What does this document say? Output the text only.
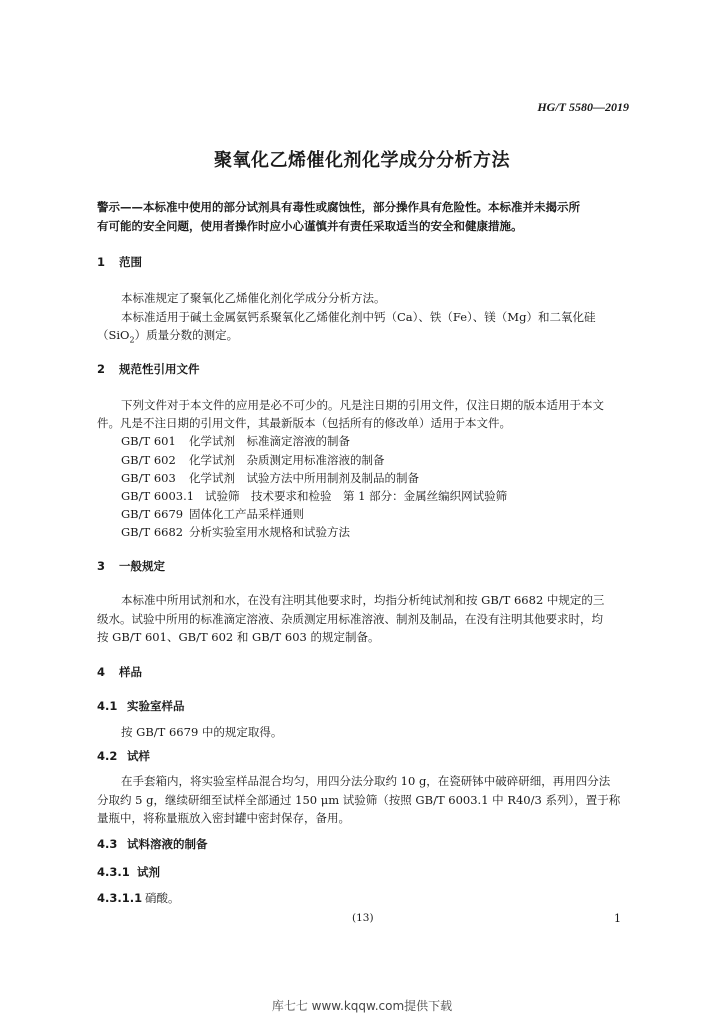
HG/T 5580—2019
聚氧化乙烯催化剂化学成分分析方法
警示——本标准中使用的部分试剂具有毒性或腐蚀性，部分操作具有危险性。本标准并未揭示所
有可能的安全问题，使用者操作时应小心谨慎并有责任采取适当的安全和健康措施。
1 范围
本标准规定了聚氧化乙烯催化剂化学成分分析方法。
本标准适用于碱土金属氨钙系聚氧化乙烯催化剂中钙（Ca）、铁（Fe）、镁（Mg）和二氧化硅
（SiO$_2$）质量分数的测定。
2 规范性引用文件
下列文件对于本文件的应用是必不可少的。凡是注日期的引用文件，仅注日期的版本适用于本文
件。凡是不注日期的引用文件，其最新版本（包括所有的修改单）适用于本文件。
GB/T 601 化学试剂　标准滴定溶液的制备
GB/T 602 化学试剂　杂质测定用标准溶液的制备
GB/T 603 化学试剂　试验方法中所用制剂及制品的制备
GB/T 6003.1 试验筛　技术要求和检验　第 1 部分：金属丝编织网试验筛
GB/T 6679 固体化工产品采样通则
GB/T 6682 分析实验室用水规格和试验方法
3 一般规定
本标准中所用试剂和水，在没有注明其他要求时，均指分析纯试剂和按 GB/T 6682 中规定的三
级水。试验中所用的标准滴定溶液、杂质测定用标准溶液、制剂及制品，在没有注明其他要求时，均
按 GB/T 601、GB/T 602 和 GB/T 603 的规定制备。
4 样品
4.1 实验室样品
按 GB/T 6679 中的规定取得。
4.2 试样
在手套箱内，将实验室样品混合均匀，用四分法分取约 10 g，在瓷研钵中破碎研细，再用四分法
分取约 5 g，继续研细至试样全部通过 150 μm 试验筛（按照 GB/T 6003.1 中 R40/3 系列），置于称
量瓶中，将称量瓶放入密封罐中密封保存，备用。
4.3 试料溶液的制备
4.3.1 试剂
4.3.1.1 硝酸。
(13)	1
库七七 www.kqqw.com提供下载
